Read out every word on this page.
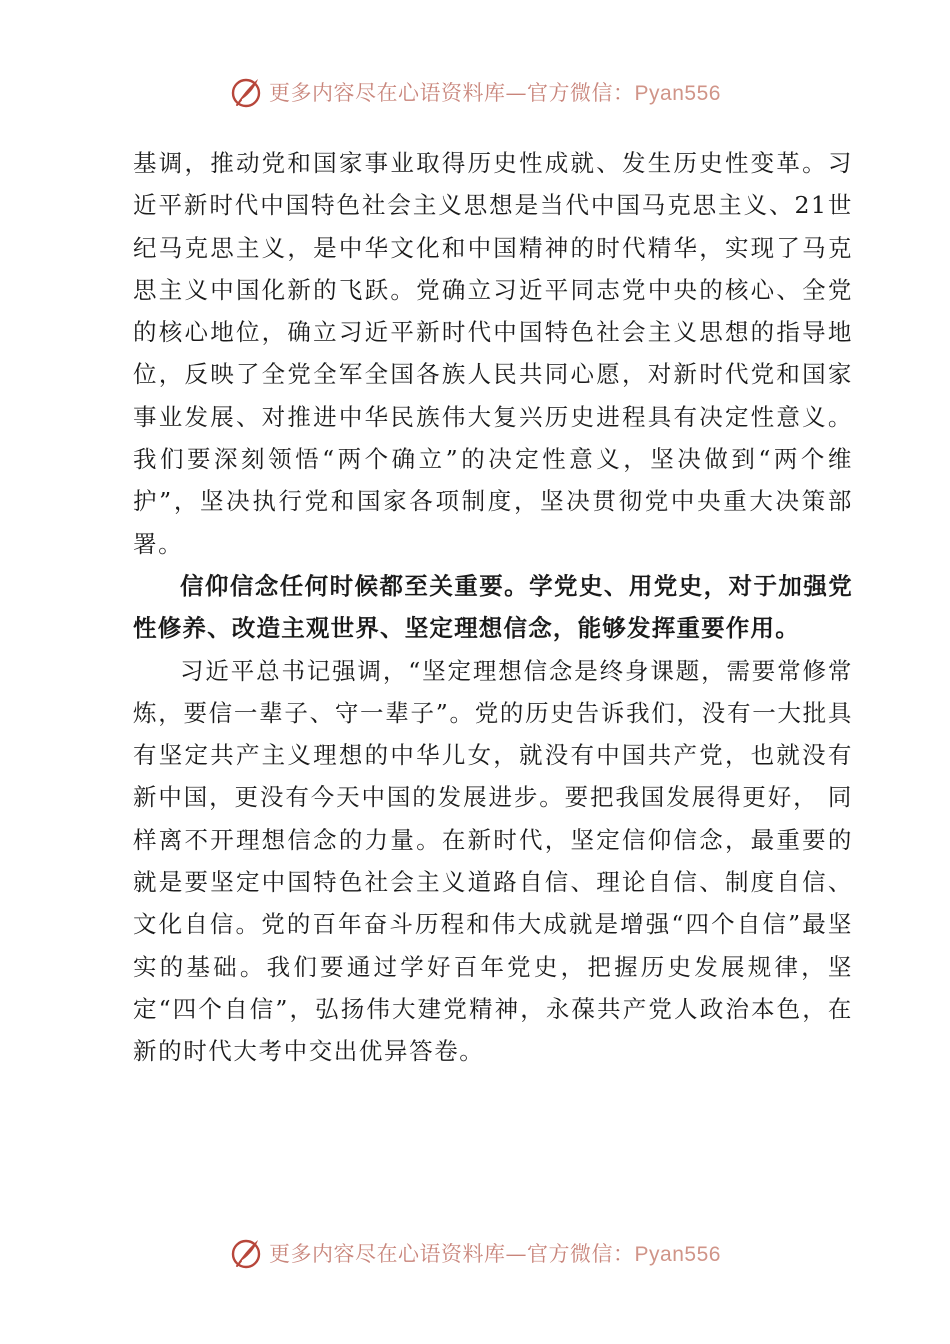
更多内容尽在心语资料库—官方微信：Pyan556

基调，推动党和国家事业取得历史性成就、发生历史性变革。习近平新时代中国特色社会主义思想是当代中国马克思主义、21世纪马克思主义，是中华文化和中国精神的时代精华，实现了马克思主义中国化新的飞跃。党确立习近平同志党中央的核心、全党的核心地位，确立习近平新时代中国特色社会主义思想的指导地位，反映了全党全军全国各族人民共同心愿，对新时代党和国家事业发展、对推进中华民族伟大复兴历史进程具有决定性意义。我们要深刻领悟“两个确立”的决定性意义，坚决做到“两个维护”，坚决执行党和国家各项制度，坚决贯彻党中央重大决策部 署。

信仰信念任何时候都至关重要。学党史、用党史，对于加强党性修养、改造主观世界、坚定理想信念，能够发挥重要作用。

习近平总书记强调，“坚定理想信念是终身课题，需要常修常炼，要信一辈子、守一辈子”。党的历史告诉我们，没有一大批具有坚定共产主义理想的中华儿女，就没有中国共产党，也就没有新中国，更没有今天中国的发展进步。要把我国发展得更好， 同样离不开理想信念的力量。在新时代，坚定信仰信念，最重要的就是要坚定中国特色社会主义道路自信、理论自信、制度自信、文化自信。党的百年奋斗历程和伟大成就是增强“四个自信”最坚实的基础。我们要通过学好百年党史，把握历史发展规律，坚定“四个自信”，弘扬伟大建党精神，永葆共产党人政治本色，在新的时代大考中交出优异答卷。

更多内容尽在心语资料库—官方微信：Pyan556
